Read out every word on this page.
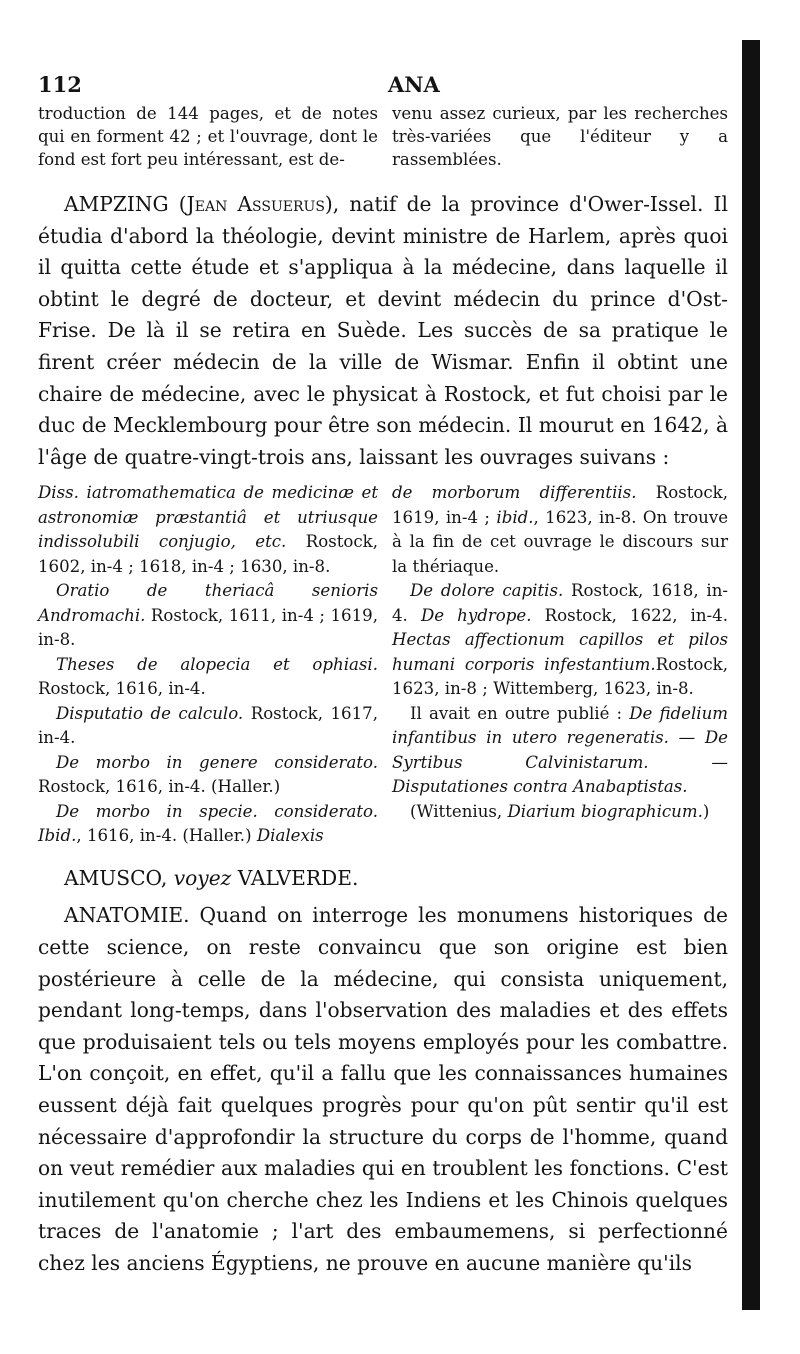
112	ANA

troduction de 144 pages, et de notes qui en forment 42 ; et l'ouvrage, dont le fond est fort peu intéressant, est de-

venu assez curieux, par les recherches très-variées que l'éditeur y a rassemblées.

AMPZING (Jean Assuerus), natif de la province d'Ower-Issel. Il étudia d'abord la théologie, devint ministre de Harlem, après quoi il quitta cette étude et s'appliqua à la médecine, dans laquelle il obtint le degré de docteur, et devint médecin du prince d'Ost-Frise. De là il se retira en Suède. Les succès de sa pratique le firent créer médecin de la ville de Wismar. Enfin il obtint une chaire de médecine, avec le physicat à Rostock, et fut choisi par le duc de Mecklembourg pour être son médecin. Il mourut en 1642, à l'âge de quatre-vingt-trois ans, laissant les ouvrages suivans :

Diss. iatromathematica de medicinæ et astronomiæ præstantiâ et utriusque indissolubili conjugio, etc. Rostock, 1602, in-4 ; 1618, in-4 ; 1630, in-8.

Oratio de theriacâ senioris Andromachi. Rostock, 1611, in-4 ; 1619, in-8.

Theses de alopecia et ophiasi. Rostock, 1616, in-4.

Disputatio de calculo. Rostock, 1617, in-4.

De morbo in genere considerato. Rostock, 1616, in-4. (Haller.)

De morbo in specie. considerato. Ibid., 1616, in-4. (Haller.) Dialexis

de morborum differentiis. Rostock, 1619, in-4 ; ibid., 1623, in-8. On trouve à la fin de cet ouvrage le discours sur la thériaque.

De dolore capitis. Rostock, 1618, in-4. De hydrope. Rostock, 1622, in-4. Hectas affectionum capillos et pilos humani corporis infestantium.Rostock, 1623, in-8 ; Wittemberg, 1623, in-8.

Il avait en outre publié : De fidelium infantibus in utero regeneratis. — De Syrtibus Calvinistarum. — Disputationes contra Anabaptistas.

(Wittenius, Diarium biographicum.)

AMUSCO, voyez VALVERDE.

ANATOMIE. Quand on interroge les monumens historiques de cette science, on reste convaincu que son origine est bien postérieure à celle de la médecine, qui consista uniquement, pendant long-temps, dans l'observation des maladies et des effets que produisaient tels ou tels moyens employés pour les combattre. L'on conçoit, en effet, qu'il a fallu que les connaissances humaines eussent déjà fait quelques progrès pour qu'on pût sentir qu'il est nécessaire d'approfondir la structure du corps de l'homme, quand on veut remédier aux maladies qui en troublent les fonctions. C'est inutilement qu'on cherche chez les Indiens et les Chinois quelques traces de l'anatomie ; l'art des embaumemens, si perfectionné chez les anciens Égyptiens, ne prouve en aucune manière qu'ils
